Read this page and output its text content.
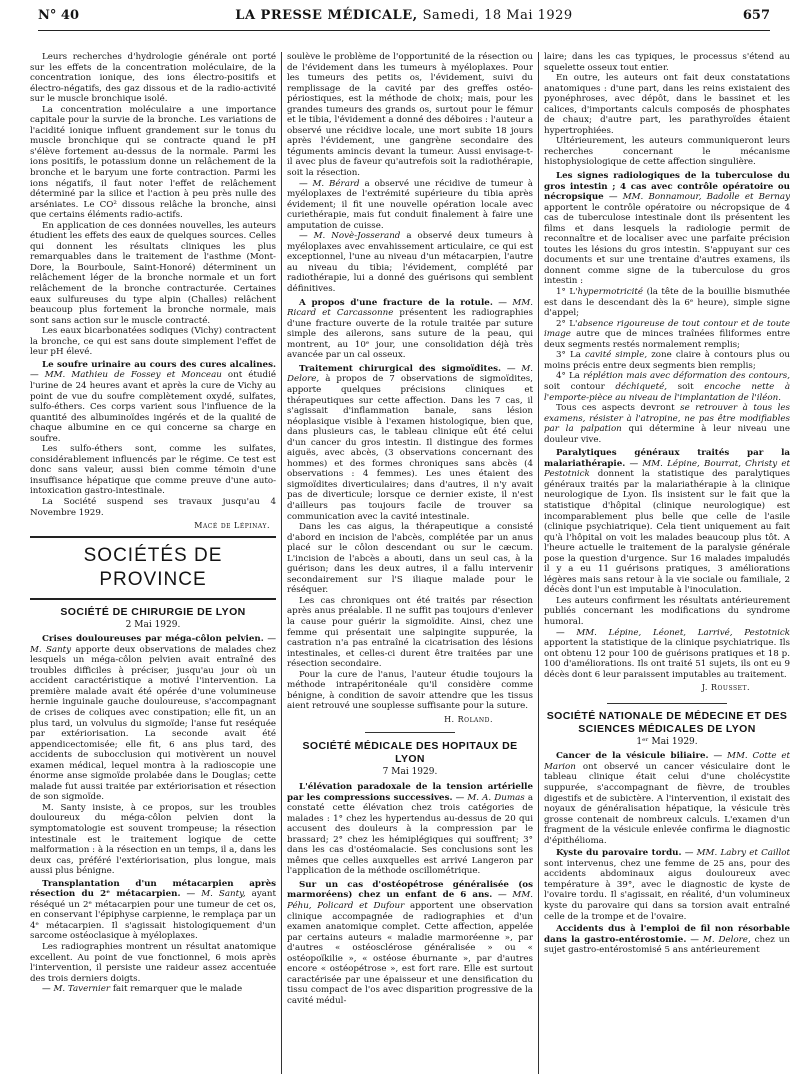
N° 40	LA PRESSE MÉDICALE, Samedi, 18 Mai 1929	657

Leurs recherches d'hydrologie générale ont porté sur les effets de la concentration moléculaire, de la concentration ionique, des ions électro-positifs et électro-négatifs, des gaz dissous et de la radio-activité sur le muscle bronchique isolé.

La concentration moléculaire a une importance capitale pour la survie de la bronche. Les variations de l'acidité ionique influent grandement sur le tonus du muscle bronchique qui se contracte quand le pH s'élève fortement au-dessus de la normale. Parmi les ions positifs, le potassium donne un relâchement de la bronche et le baryum une forte contraction. Parmi les ions négatifs, il faut noter l'effet de relâchement déterminé par la silice et l'action à peu près nulle des arséniates. Le CO² dissous relâche la bronche, ainsi que certains éléments radio-actifs.

En application de ces données nouvelles, les auteurs étudient les effets des eaux de quelques sources. Celles qui donnent les résultats cliniques les plus remarquables dans le traitement de l'asthme (Mont-Dore, la Bourboule, Saint-Honoré) déterminent un relâchement léger de la bronche normale et un fort relâchement de la bronche contracturée. Certaines eaux sulfureuses du type alpin (Challes) relâchent beaucoup plus fortement la bronche normale, mais sont sans action sur le muscle contracté.

Les eaux bicarbonatées sodiques (Vichy) contractent la bronche, ce qui est sans doute simplement l'effet de leur pH élevé.

Le soufre urinaire au cours des cures alcalines. — MM. Mathieu de Fossey et Monceau ont étudié l'urine de 24 heures avant et après la cure de Vichy au point de vue du soufre complètement oxydé, sulfates, sulfo-éthers. Ces corps varient sous l'influence de la quantité des albuminoïdes ingérés et de la qualité de chaque albumine en ce qui concerne sa charge en soufre.

Les sulfo-éthers sont, comme les sulfates, considérablement influencés par le régime. Ce test est donc sans valeur, aussi bien comme témoin d'une insuffisance hépatique que comme preuve d'une auto-intoxication gastro-intestinale.

La Société suspend ses travaux jusqu'au 4 Novembre 1929.

Macé de Lépinay.

SOCIÉTÉS DE PROVINCE
SOCIÉTÉ DE CHIRURGIE DE LYON

2 Mai 1929.

Crises douloureuses par méga-côlon pelvien. — M. Santy apporte deux observations de malades chez lesquels un méga-côlon pelvien avait entraîné des troubles difficiles à préciser, jusqu'au jour où un accident caractéristique a motivé l'intervention. La première malade avait été opérée d'une volumineuse hernie inguinale gauche douloureuse, s'accompagnant de crises de coliques avec constipation; elle fit, un an plus tard, un volvulus du sigmoïde; l'anse fut reséquée par extériorisation. La seconde avait été appendicectomisée; elle fit, 6 ans plus tard, des accidents de subocclusion qui motivèrent un nouvel examen médical, lequel montra à la radioscopie une énorme anse sigmoïde prolabée dans le Douglas; cette malade fut aussi traitée par extériorisation et résection de son sigmoïde.

M. Santy insiste, à ce propos, sur les troubles douloureux du méga-côlon pelvien dont la symptomatologie est souvent trompeuse; la résection intestinale est le traitement logique de cette malformation : à la résection en un temps, il a, dans les deux cas, préféré l'extériorisation, plus longue, mais aussi plus bénigne.

Transplantation d'un métacarpien après résection du 2ᵉ métacarpien. — M. Santy, ayant réséqué un 2ᵉ métacarpien pour une tumeur de cet os, en conservant l'épiphyse carpienne, le remplaça par un 4ᵉ métacarpien. Il s'agissait histologiquement d'un sarcome ostéoclasique à myéloplaxes.

Les radiographies montrent un résultat anatomique excellent. Au point de vue fonctionnel, 6 mois après l'intervention, il persiste une raideur assez accentuée des trois derniers doigts.

— M. Tavernier fait remarquer que le malade

soulève le problème de l'opportunité de la résection ou de l'évidement dans les tumeurs à myéloplaxes. Pour les tumeurs des petits os, l'évidement, suivi du remplissage de la cavité par des greffes ostéo-périostiques, est la méthode de choix; mais, pour les grandes tumeurs des grands os, surtout pour le fémur et le tibia, l'évidement a donné des déboires : l'auteur a observé une récidive locale, une mort subite 18 jours après l'évidement, une gangrène secondaire des téguments amincis devant la tumeur. Aussi envisage-t-il avec plus de faveur qu'autrefois soit la radiothérapie, soit la résection.

— M. Bérard a observé une récidive de tumeur à myéloplaxes de l'extrémité supérieure du tibia après évidement; il fit une nouvelle opération locale avec curiethérapie, mais fut conduit finalement à faire une amputation de cuisse.

— M. Novè-Josserand a observé deux tumeurs à myéloplaxes avec envahissement articulaire, ce qui est exceptionnel, l'une au niveau d'un métacarpien, l'autre au niveau du tibia; l'évidement, complété par radiothérapie, lui a donné des guérisons qui semblent définitives.

A propos d'une fracture de la rotule. — MM. Ricard et Carcassonne présentent les radiographies d'une fracture ouverte de la rotule traitée par suture simple des ailerons, sans suture de la peau, qui montrent, au 10ᵉ jour, une consolidation déjà très avancée par un cal osseux.

Traitement chirurgical des sigmoïdites. — M. Delore, à propos de 7 observations de sigmoïdites, apporte quelques précisions cliniques et thérapeutiques sur cette affection. Dans les 7 cas, il s'agissait d'inflammation banale, sans lésion néoplasique visible à l'examen histologique, bien que, dans plusieurs cas, le tableau clinique eût été celui d'un cancer du gros intestin. Il distingue des formes aiguës, avec abcès, (3 observations concernant des hommes) et des formes chroniques sans abcès (4 observations : 4 femmes). Les unes étaient des sigmoïdites diverticulaires; dans d'autres, il n'y avait pas de diverticule; lorsque ce dernier existe, il n'est d'ailleurs pas toujours facile de trouver sa communication avec la cavité intestinale.

Dans les cas aigus, la thérapeutique a consisté d'abord en incision de l'abcès, complétée par un anus placé sur le côlon descendant ou sur le cæcum. L'incision de l'abcès a abouti, dans un seul cas, à la guérison; dans les deux autres, il a fallu intervenir secondairement sur l'S iliaque malade pour le réséquer.

Les cas chroniques ont été traités par résection après anus préalable. Il ne suffit pas toujours d'enlever la cause pour guérir la sigmoïdite. Ainsi, chez une femme qui présentait une salpingite suppurée, la castration n'a pas entraîné la cicatrisation des lésions intestinales, et celles-ci durent être traitées par une résection secondaire.

Pour la cure de l'anus, l'auteur étudie toujours la méthode intrapéritonéale qu'il considère comme bénigne, à condition de savoir attendre que les tissus aient retrouvé une souplesse suffisante pour la suture.

H. Roland.

SOCIÉTÉ MÉDICALE DES HOPITAUX DE LYON

7 Mai 1929.

L'élévation paradoxale de la tension artérielle par les compressions successives. — M. A. Dumas a constaté cette élévation chez trois catégories de malades : 1° chez les hypertendus au-dessus de 20 qui accusent des douleurs à la compression par le brassard; 2° chez les hémiplégiques qui souffrent; 3° dans les cas d'ostéomalacie. Ses conclusions sont les mêmes que celles auxquelles est arrivé Langeron par l'application de la méthode oscillométrique.

Sur un cas d'ostéopétrose généralisée (os marmoréens) chez un enfant de 6 ans. — MM. Péhu, Policard et Dufour apportent une observation clinique accompagnée de radiographies et d'un examen anatomique complet. Cette affection, appelée par certains auteurs « maladie marmoréenne », par d'autres « ostéosclérose généralisée » ou « ostéopoïkilie », « ostéose éburnante », par d'autres encore « ostéopétrose », est fort rare. Elle est surtout caractérisée par une épaisseur et une densification du tissu compact de l'os avec disparition progressive de la cavité médul-

laire; dans les cas typiques, le processus s'étend au squelette osseux tout entier.

En outre, les auteurs ont fait deux constatations anatomiques : d'une part, dans les reins existaient des pyonéphroses, avec dépôt, dans le bassinet et les calices, d'importants calculs composés de phosphates de chaux; d'autre part, les parathyroïdes étaient hypertrophiées.

Ultérieurement, les auteurs communiqueront leurs recherches concernant le mécanisme histophysiologique de cette affection singulière.

Les signes radiologiques de la tuberculose du gros intestin ; 4 cas avec contrôle opératoire ou nécropsique — MM. Bonnamour, Badolle et Bernay apportent le contrôle opératoire ou nécropsique de 4 cas de tuberculose intestinale dont ils présentent les films et dans lesquels la radiologie permit de reconnaître et de localiser avec une parfaite précision toutes les lésions du gros intestin. S'appuyant sur ces documents et sur une trentaine d'autres examens, ils donnent comme signe de la tuberculose du gros intestin :

1° L'hypermotricité (la tête de la bouillie bismuthée est dans le descendant dès la 6ᵉ heure), simple signe d'appel;

2° L'absence rigoureuse de tout contour et de toute image autre que de minces traînées filiformes entre deux segments restés normalement remplis;

3° La cavité simple, zone claire à contours plus ou moins précis entre deux segments bien remplis;

4° La réplétion mais avec déformation des contours, soit contour déchiqueté, soit encoche nette à l'emporte-pièce au niveau de l'implantation de l'iléon.

Tous ces aspects devront se retrouver à tous les examens, résister à l'atropine, ne pas être modifiables par la palpation qui détermine à leur niveau une douleur vive.

Paralytiques généraux traités par la malariathérapie. — MM. Lépine, Bourrat, Christy et Pestotnick donnent la statistique des paralytiques généraux traités par la malariathérapie à la clinique neurologique de Lyon. Ils insistent sur le fait que la statistique d'hôpital (clinique neurologique) est incomparablement plus belle que celle de l'asile (clinique psychiatrique). Cela tient uniquement au fait qu'à l'hôpital on voit les malades beaucoup plus tôt. A l'heure actuelle le traitement de la paralysie générale pose la question d'urgence. Sur 16 malades impaludés il y a eu 11 guérisons pratiques, 3 améliorations légères mais sans retour à la vie sociale ou familiale, 2 décès dont l'un est imputable à l'inoculation.

Les auteurs confirment les résultats antérieurement publiés concernant les modifications du syndrome humoral.

— MM. Lépine, Léonet, Larrivé, Pestotnick apportent la statistique de la clinique psychiatrique. Ils ont obtenu 12 pour 100 de guérisons pratiques et 18 p. 100 d'améliorations. Ils ont traité 51 sujets, ils ont eu 9 décès dont 6 leur paraissent imputables au traitement.

J. Rousset.

SOCIÉTÉ NATIONALE DE MÉDECINE ET DES SCIENCES MÉDICALES DE LYON

1ᵉʳ Mai 1929.

Cancer de la vésicule biliaire. — MM. Cotte et Marion ont observé un cancer vésiculaire dont le tableau clinique était celui d'une cholécystite suppurée, s'accompagnant de fièvre, de troubles digestifs et de subictère. A l'intervention, il existait des noyaux de généralisation hépatique, la vésicule très grosse contenait de nombreux calculs. L'examen d'un fragment de la vésicule enlevée confirma le diagnostic d'épithélioma.

Kyste du parovaire tordu. — MM. Labry et Caillot sont intervenus, chez une femme de 25 ans, pour des accidents abdominaux aigus douloureux avec température à 39°, avec le diagnostic de kyste de l'ovaire tordu. Il s'agissait, en réalité, d'un volumineux kyste du parovaire qui dans sa torsion avait entraîné celle de la trompe et de l'ovaire.

Accidents dus à l'emploi de fil non résorbable dans la gastro-entérostomie. — M. Delore, chez un sujet gastro-entérostomisé 5 ans antérieurement
